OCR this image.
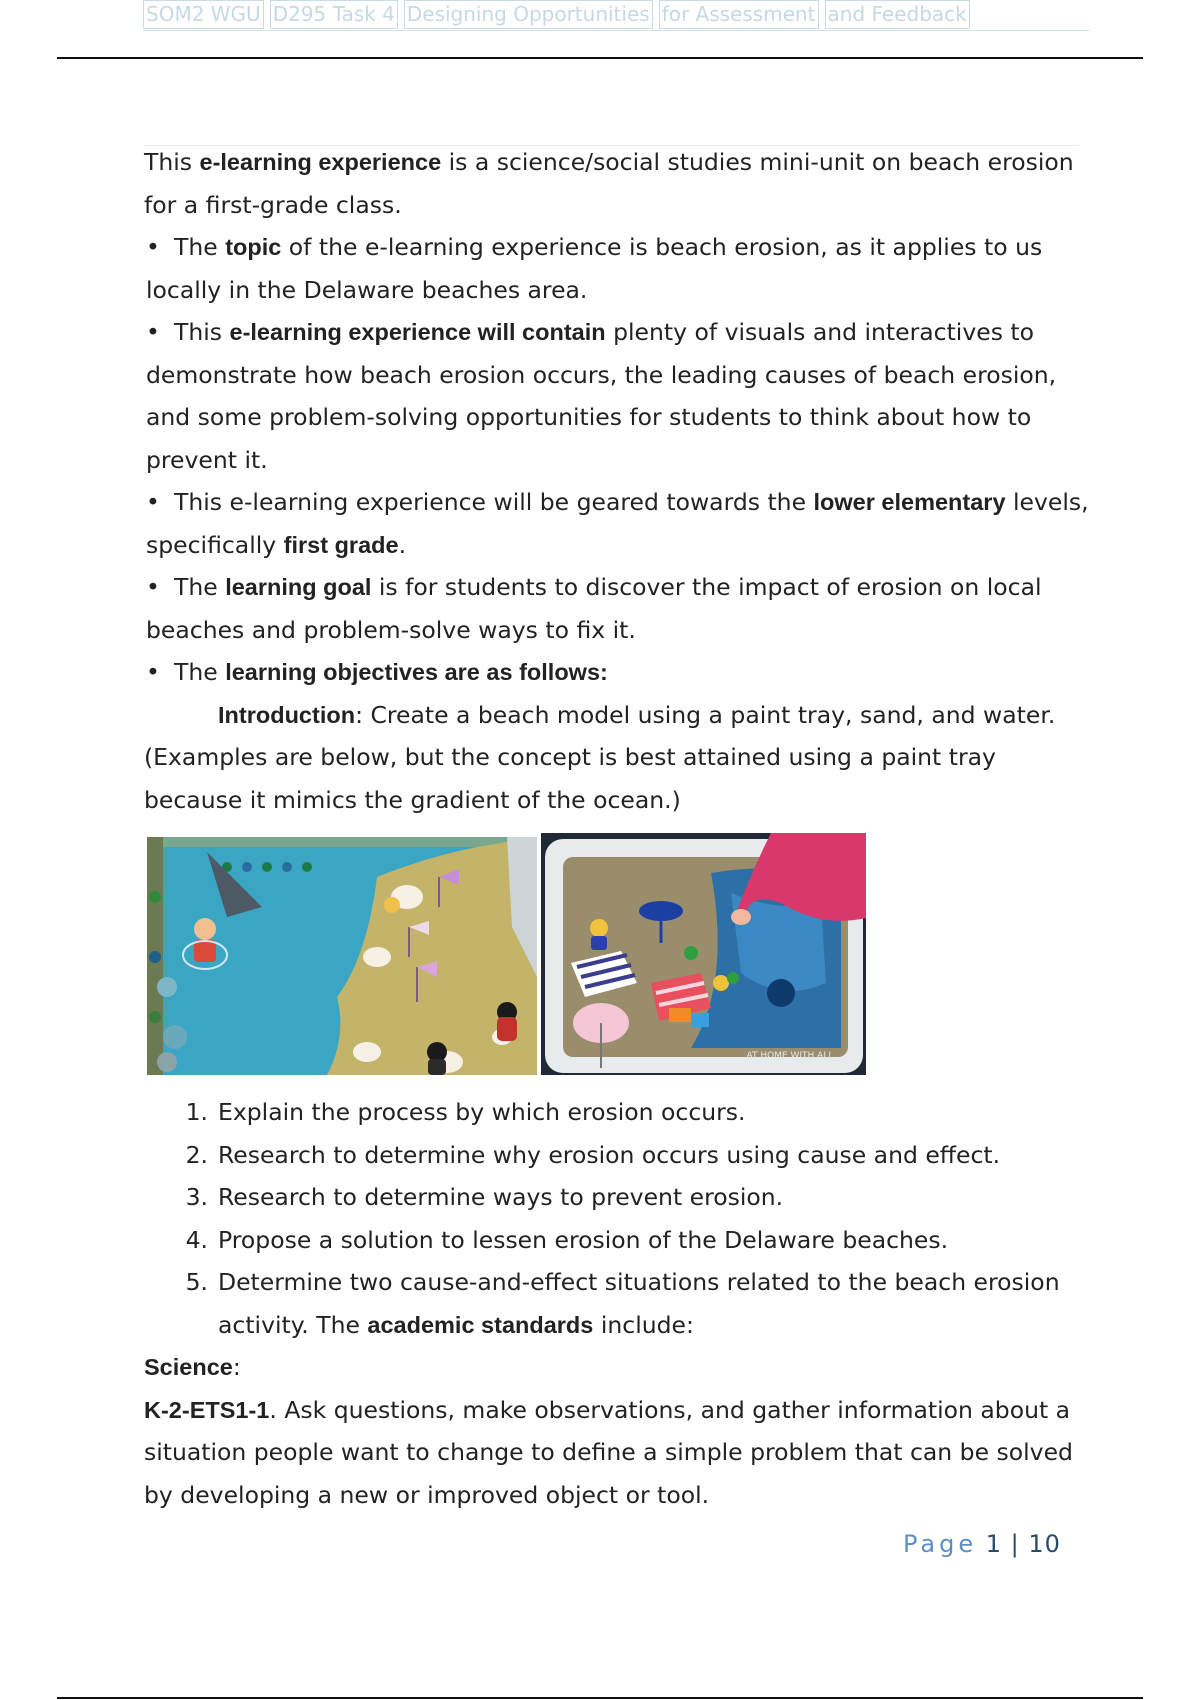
SOM2 WGU D295 Task 4 Designing Opportunities for Assessment and Feedback

This e-learning experience is a science/social studies mini-unit on beach erosion for a first-grade class.

• The topic of the e-learning experience is beach erosion, as it applies to us locally in the Delaware beaches area.

• This e-learning experience will contain plenty of visuals and interactives to demonstrate how beach erosion occurs, the leading causes of beach erosion, and some problem-solving opportunities for students to think about how to prevent it.

• This e-learning experience will be geared towards the lower elementary levels, specifically first grade.

• The learning goal is for students to discover the impact of erosion on local beaches and problem-solve ways to fix it.

• The learning objectives are as follows:

Introduction: Create a beach model using a paint tray, sand, and water. (Examples are below, but the concept is best attained using a paint tray because it mimics the gradient of the ocean.)

AT HOME WITH ALI
1. Explain the process by which erosion occurs.
2. Research to determine why erosion occurs using cause and effect.
3. Research to determine ways to prevent erosion.
4. Propose a solution to lessen erosion of the Delaware beaches.
5. Determine two cause-and-effect situations related to the beach erosion activity. The academic standards include:

Science:

K-2-ETS1-1. Ask questions, make observations, and gather information about a situation people want to change to define a simple problem that can be solved by developing a new or improved object or tool.

Page 1 | 10
